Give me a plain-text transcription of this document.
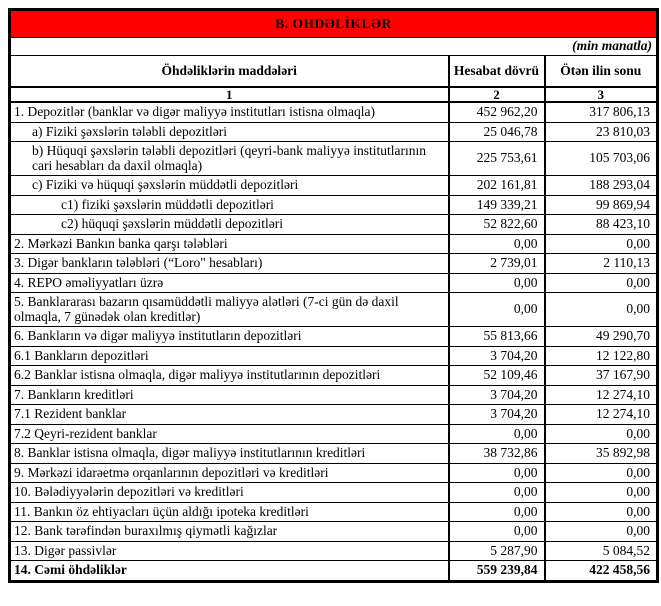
B. OHDƏLİKLƏR		
(min manatla)		
Öhdəliklərin maddələri	Hesabat dövrü	Ötən ilin sonu
1	2	3
1. Depozitlər (banklar və digər maliyyə institutları istisna olmaqla)	452 962,20	317 806,13
a) Fiziki şəxslərin tələbli depozitləri	25 046,78	23 810,03
b) Hüquqi şəxslərin tələbli depozitləri (qeyri-bank maliyyə institutlarının cari hesabları da daxil olmaqla)	225 753,61	105 703,06
c) Fiziki və hüquqi şəxslərin müddətli depozitləri	202 161,81	188 293,04
c1) fiziki şəxslərin müddətli depozitləri	149 339,21	99 869,94
c2) hüquqi şəxslərin müddətli depozitləri	52 822,60	88 423,10
2. Mərkəzi Bankın banka qarşı tələbləri	0,00	0,00
3. Digər bankların tələbləri (“Loro" hesabları)	2 739,01	2 110,13
4. REPO əməliyyatları üzrə	0,00	0,00
5. Banklararası bazarın qısamüddətli maliyyə alətləri (7-ci gün də daxil olmaqla, 7 günədək olan kreditlər)	0,00	0,00
6. Bankların və digər maliyyə institutların depozitləri	55 813,66	49 290,70
6.1 Bankların depozitləri	3 704,20	12 122,80
6.2 Banklar istisna olmaqla, digər maliyyə institutlarının depozitləri	52 109,46	37 167,90
7. Bankların kreditləri	3 704,20	12 274,10
7.1 Rezident banklar	3 704,20	12 274,10
7.2 Qeyri-rezident banklar	0,00	0,00
8. Banklar istisna olmaqla, digər maliyyə institutlarının kreditləri	38 732,86	35 892,98
9. Mərkəzi idarəetmə orqanlarının depozitləri və kreditləri	0,00	0,00
10. Bələdiyyələrin depozitləri və kreditləri	0,00	0,00
11. Bankın öz ehtiyacları üçün aldığı ipoteka kreditləri	0,00	0,00
12. Bank tərəfindən buraxılmış qiymətli kağızlar	0,00	0,00
13. Digər passivlər	5 287,90	5 084,52
14. Cəmi öhdəliklər	559 239,84	422 458,56
